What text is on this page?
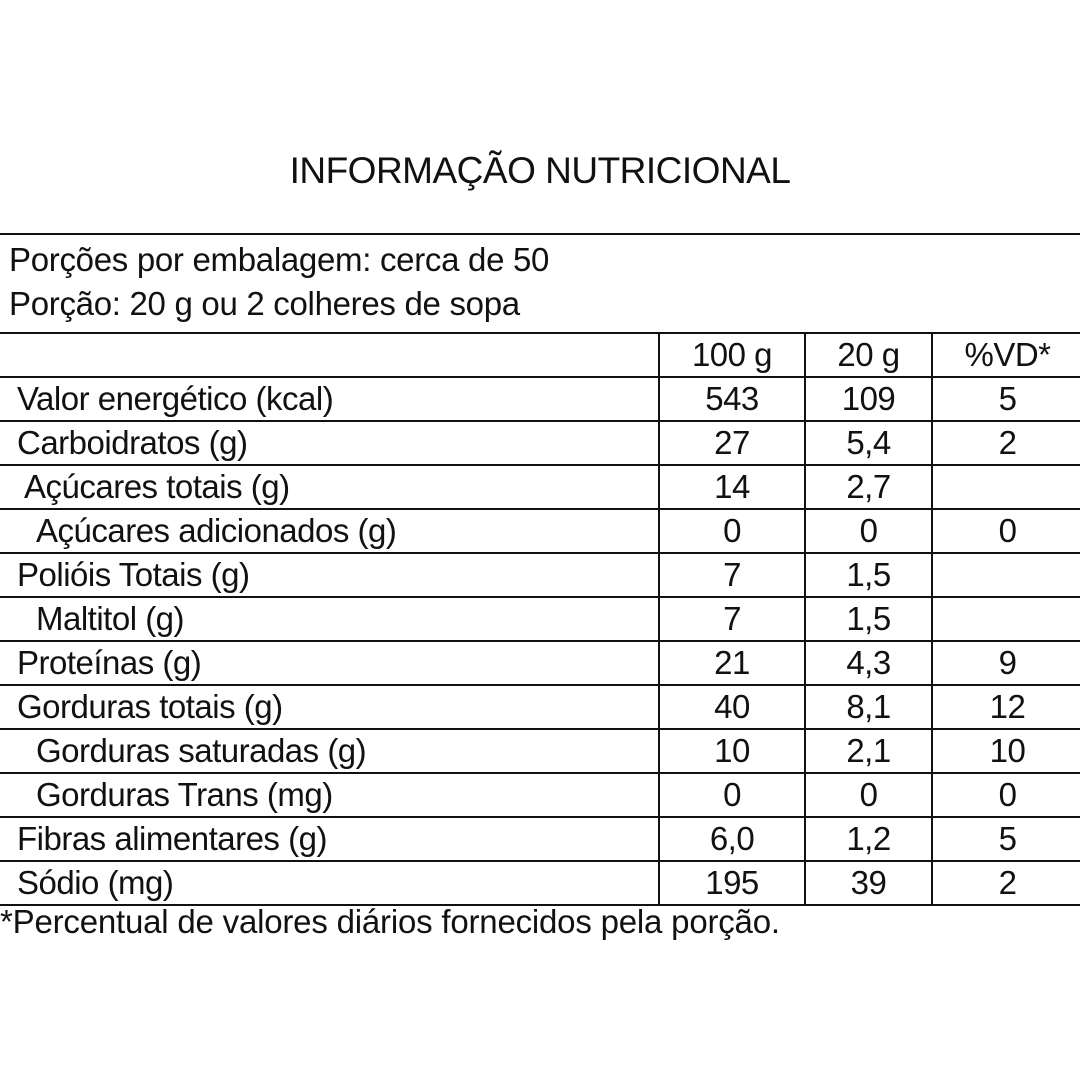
INFORMAÇÃO NUTRICIONAL
Porções por embalagem: cerca de 50
Porção: 20 g ou 2 colheres de sopa
	100 g	20 g	%VD*
Valor energético (kcal)	543	109	5
Carboidratos (g)	27	5,4	2
Açúcares totais (g)	14	2,7	
Açúcares adicionados (g)	0	0	0
Polióis Totais (g)	7	1,5	
Maltitol (g)	7	1,5	
Proteínas (g)	21	4,3	9
Gorduras totais (g)	40	8,1	12
Gorduras saturadas (g)	10	2,1	10
Gorduras Trans (mg)	0	0	0
Fibras alimentares (g)	6,0	1,2	5
Sódio (mg)	195	39	2
*Percentual de valores diários fornecidos pela porção.
